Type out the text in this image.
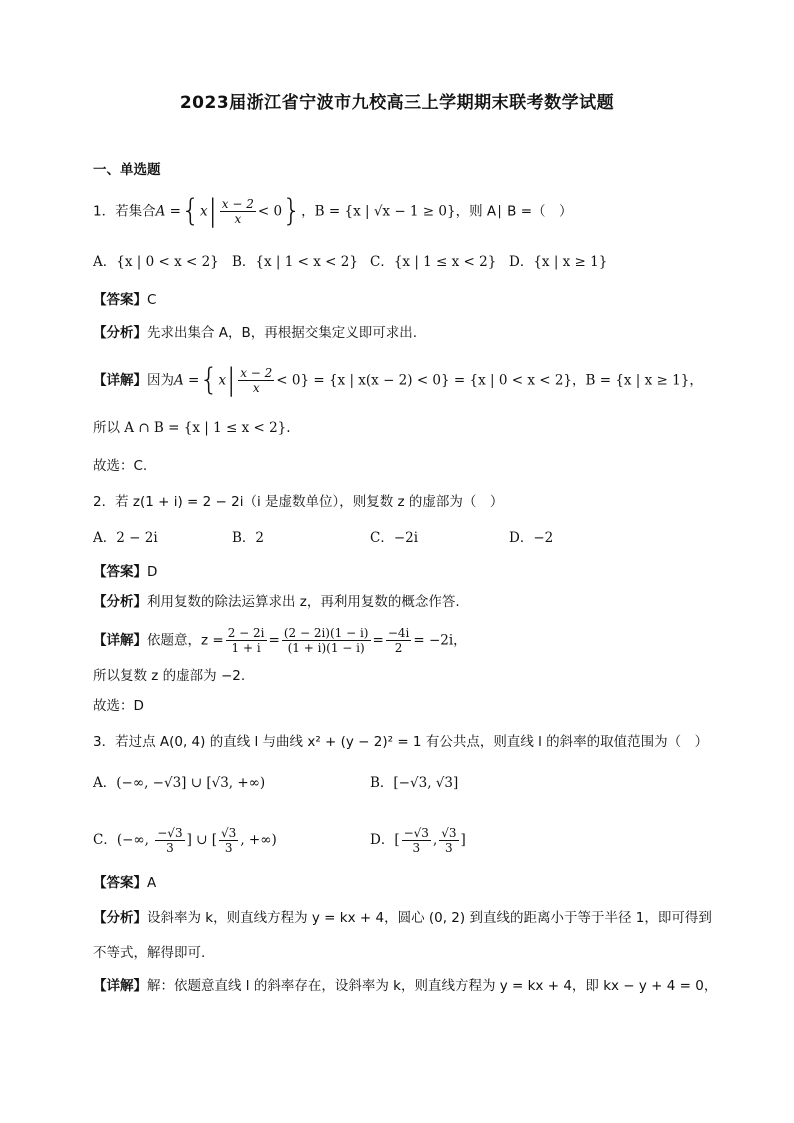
2023届浙江省宁波市九校高三上学期期末联考数学试题
一、单选题
1．若集合$A =\{x| \frac{x - 2}{x} < 0\}$，B = {x | √x − 1 ≥ 0}，则 A∣ B =（　）
A．{x | 0 < x < 2} B．{x | 1 < x < 2} C．{x | 1 ≤ x < 2} D．{x | x ≥ 1}
【答案】C
【分析】先求出集合 A，B，再根据交集定义即可求出.
【详解】因为$A =\{x| \frac{x - 2}{x} < 0\} = \{x$ | x(x − 2) < 0} = {x | 0 < x < 2}，B = {x | x ≥ 1}，
所以 A ∩ B = {x | 1 ≤ x < 2}.
故选：C.
2．若 z(1 + i) = 2 − 2i（i 是虚数单位），则复数 z 的虚部为（　）
A．2 − 2i	B．2	C．−2i	D．−2
【答案】D
【分析】利用复数的除法运算求出 z，再利用复数的概念作答.
【详解】依题意，$z = \frac{2 - 2i}{1 + i} = \frac{(2 - 2i)(1 - i)}{(1 + i)(1 - i)} = \frac{-4i}{2} = -2i$，
所以复数 z 的虚部为 −2.
故选：D
3．若过点 A(0, 4) 的直线 l 与曲线 x² + (y − 2)² = 1 有公共点，则直线 l 的斜率的取值范围为（　）
A．(−∞, −√3] ∪ [√3, +∞)	B．[−√3, √3]
C．(−∞, $\frac{-√3}{3}$ ] ∪ [ $\frac{√3}{3}$ , +∞)	D．[ $\frac{-√3}{3}$ , $\frac{√3}{3}$ ]
【答案】A
【分析】设斜率为 k，则直线方程为 y = kx + 4，圆心 (0, 2) 到直线的距离小于等于半径 1，即可得到
不等式，解得即可.
【详解】解：依题意直线 l 的斜率存在，设斜率为 k，则直线方程为 y = kx + 4，即 kx − y + 4 = 0，
